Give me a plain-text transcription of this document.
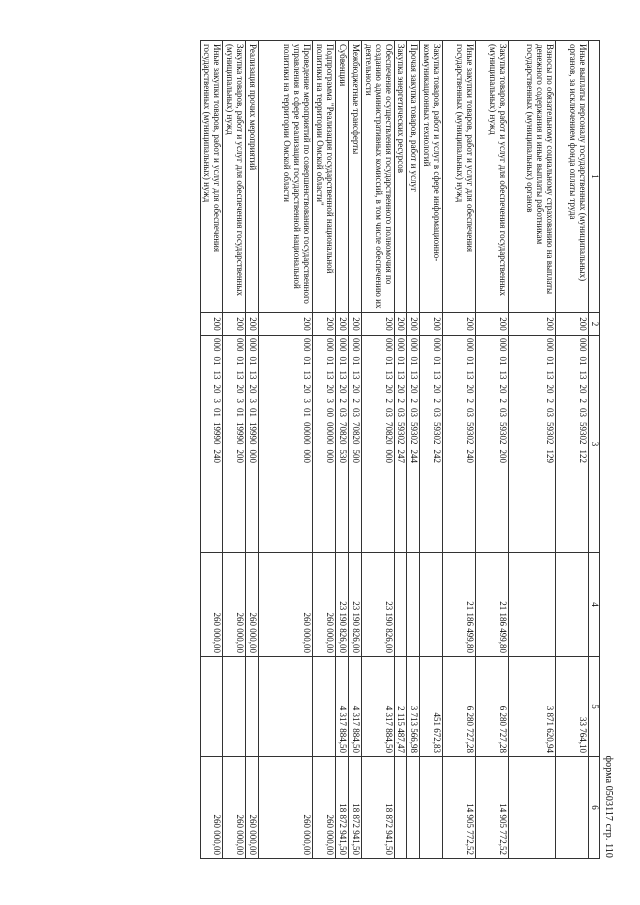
форма 0503117 стр. 110
1	2	3	4	5	6
Иные выплаты персоналу государственных (муниципальных) органов, за исключением фонда оплаты труда	200	00001132020359302122		33 764,10	
Взносы по обязательному социальному страхованию на выплаты денежного содержания и иные выплаты работникам государственных (муниципальных) органов	200	00001132020359302129		3 871 620,94	
Закупка товаров, работ и услуг для обеспечения государственных (муниципальных) нужд	200	00001132020359302200	21 186 499,80	6 280 727,28	14 905 772,52
Иные закупки товаров, работ и услуг для обеспечения государственных (муниципальных) нужд	200	00001132020359302240	21 186 499,80	6 280 727,28	14 905 772,52
Закупка товаров, работ и услуг в сфере информационно-коммуникационных технологий	200	00001132020359302242		451 672,83	
Прочая закупка товаров, работ и услуг	200	00001132020359302244		3 713 566,98	
Закупка энергетических ресурсов	200	00001132020359302247		2 115 487,47	
Обеспечение осуществления государственного полномочия по созданию административных комиссий, в том числе обеспечению их деятельности	200	00001132020370820000	23 190 826,00	4 317 884,50	18 872 941,50
Межбюджетные трансферты	200	00001132020370820500	23 190 826,00	4 317 884,50	18 872 941,50
Субвенции	200	00001132020370820530	23 190 826,00	4 317 884,50	18 872 941,50
Подпрограмма "Реализация государственной национальной политики на территории Омской области"	200	00001132030000000000	260 000,00		260 000,00
Проведение мероприятий по совершенствованию государственного управления в сфере реализации государственной национальной политики на территории Омской области	200	00001132030100000000	260 000,00		260 000,00
Реализация прочих мероприятий	200	00001132030119990000	260 000,00		260 000,00
Закупка товаров, работ и услуг для обеспечения государственных (муниципальных) нужд	200	00001132030119990200	260 000,00		260 000,00
Иные закупки товаров, работ и услуг для обеспечения государственных (муниципальных) нужд	200	00001132030119990240	260 000,00		260 000,00
